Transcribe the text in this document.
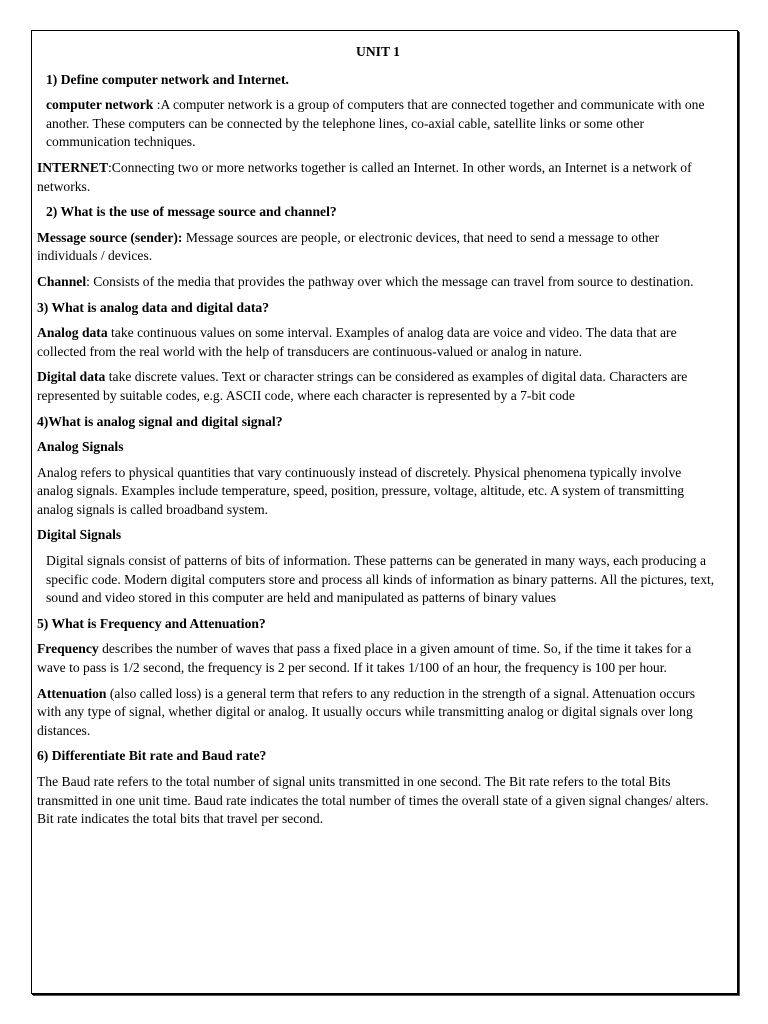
UNIT 1
1) Define computer network and Internet.
computer network :A computer network is a group of computers that are connected together and communicate with one another. These computers can be connected by the telephone lines, co-axial cable, satellite links or some other communication techniques.
INTERNET:Connecting two or more networks together is called an Internet. In other words, an Internet is a network of networks.
2) What is the use of message source and channel?
Message source (sender): Message sources are people, or electronic devices, that need to send a message to other individuals / devices.
Channel: Consists of the media that provides the pathway over which the message can travel from source to destination.
3) What is analog data and digital data?
Analog data take continuous values on some interval. Examples of analog data are voice and video. The data that are collected from the real world with the help of transducers are continuous-valued or analog in nature.
Digital data take discrete values. Text or character strings can be considered as examples of digital data. Characters are represented by suitable codes, e.g. ASCII code, where each character is represented by a 7-bit code
4)What is analog signal and digital signal?
Analog Signals
Analog refers to physical quantities that vary continuously instead of discretely. Physical phenomena typically involve analog signals. Examples include temperature, speed, position, pressure, voltage, altitude, etc. A system of transmitting analog signals is called broadband system.
Digital Signals
Digital signals consist of patterns of bits of information. These patterns can be generated in many ways, each producing a specific code. Modern digital computers store and process all kinds of information as binary patterns. All the pictures, text, sound and video stored in this computer are held and manipulated as patterns of binary values
5) What is Frequency and Attenuation?
Frequency describes the number of waves that pass a fixed place in a given amount of time. So, if the time it takes for a wave to pass is 1/2 second, the frequency is 2 per second. If it takes 1/100 of an hour, the frequency is 100 per hour.
Attenuation (also called loss) is a general term that refers to any reduction in the strength of a signal. Attenuation occurs with any type of signal, whether digital or analog. It usually occurs while transmitting analog or digital signals over long distances.
6) Differentiate Bit rate and Baud rate?
The Baud rate refers to the total number of signal units transmitted in one second. The Bit rate refers to the total Bits transmitted in one unit time. Baud rate indicates the total number of times the overall state of a given signal changes/ alters. Bit rate indicates the total bits that travel per second.
